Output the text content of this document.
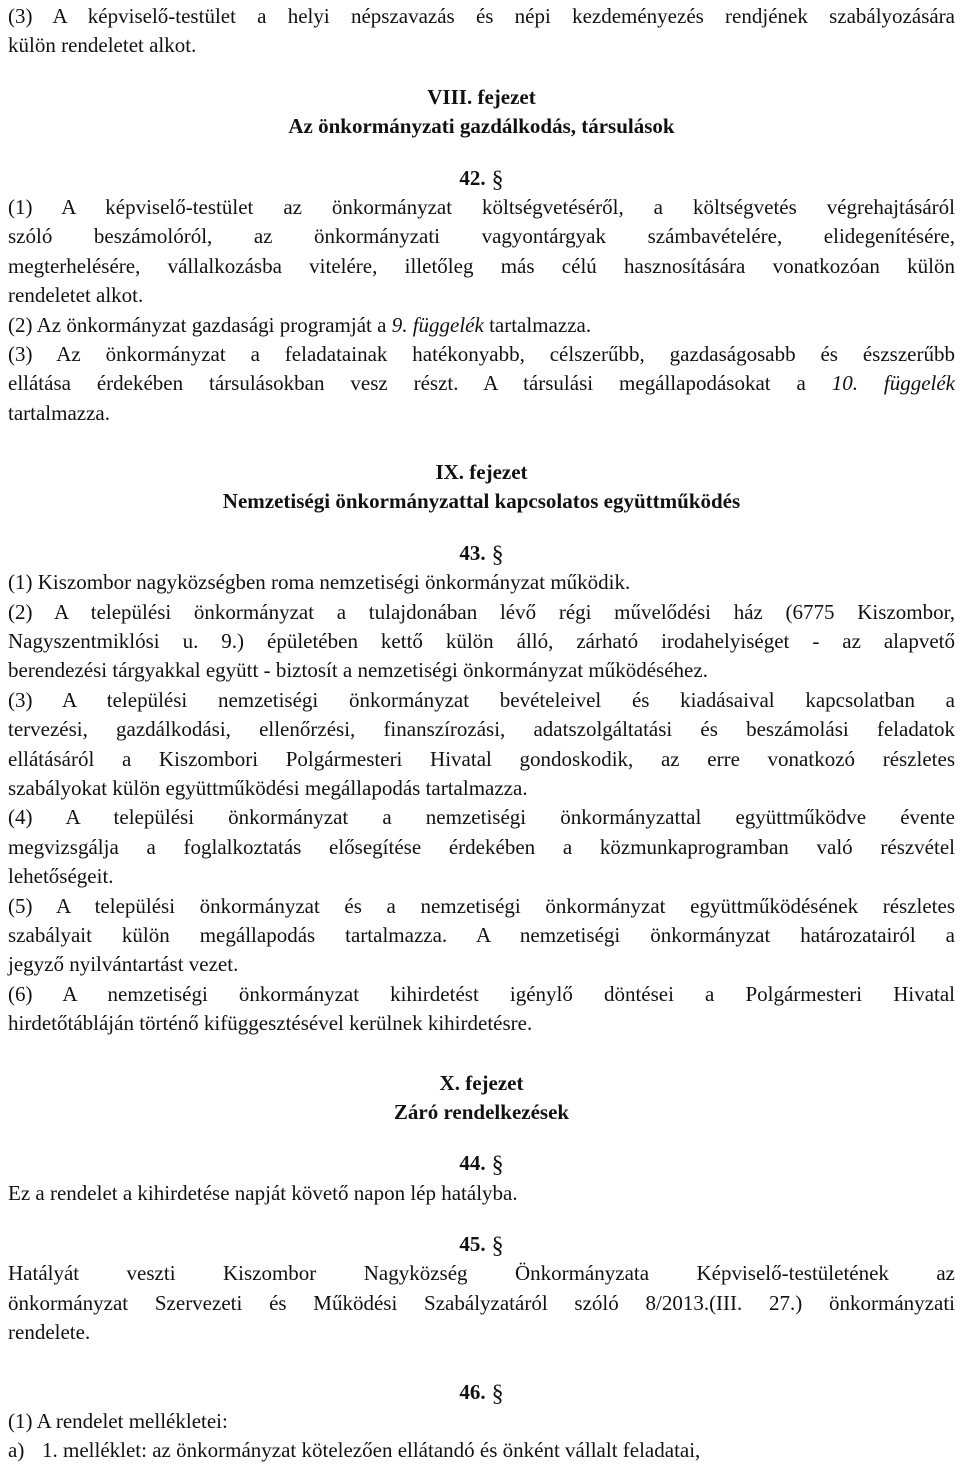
(3) A képviselő-testület a helyi népszavazás és népi kezdeményezés rendjének szabályozására
külön rendeletet alkot.
VIII. fejezet
Az önkormányzati gazdálkodás, társulások
42. §
(1) A képviselő-testület az önkormányzat költségvetéséről, a költségvetés végrehajtásáról
szóló beszámolóról, az önkormányzati vagyontárgyak számbavételére, elidegenítésére,
megterhelésére, vállalkozásba vitelére, illetőleg más célú hasznosítására vonatkozóan külön
rendeletet alkot.
(2) Az önkormányzat gazdasági programját a 9. függelék tartalmazza.
(3) Az önkormányzat a feladatainak hatékonyabb, célszerűbb, gazdaságosabb és észszerűbb
ellátása érdekében társulásokban vesz részt. A társulási megállapodásokat a 10. függelék
tartalmazza.
IX. fejezet
Nemzetiségi önkormányzattal kapcsolatos együttműködés
43. §
(1) Kiszombor nagyközségben roma nemzetiségi önkormányzat működik.
(2) A települési önkormányzat a tulajdonában lévő régi művelődési ház (6775 Kiszombor,
Nagyszentmiklósi u. 9.) épületében kettő külön álló, zárható irodahelyiséget - az alapvető
berendezési tárgyakkal együtt - biztosít a nemzetiségi önkormányzat működéséhez.
(3) A települési nemzetiségi önkormányzat bevételeivel és kiadásaival kapcsolatban a
tervezési, gazdálkodási, ellenőrzési, finanszírozási, adatszolgáltatási és beszámolási feladatok
ellátásáról a Kiszombori Polgármesteri Hivatal gondoskodik, az erre vonatkozó részletes
szabályokat külön együttműködési megállapodás tartalmazza.
(4) A települési önkormányzat a nemzetiségi önkormányzattal együttműködve évente
megvizsgálja a foglalkoztatás elősegítése érdekében a közmunkaprogramban való részvétel
lehetőségeit.
(5) A települési önkormányzat és a nemzetiségi önkormányzat együttműködésének részletes
szabályait külön megállapodás tartalmazza. A nemzetiségi önkormányzat határozatairól a
jegyző nyilvántartást vezet.
(6) A nemzetiségi önkormányzat kihirdetést igénylő döntései a Polgármesteri Hivatal
hirdetőtábláján történő kifüggesztésével kerülnek kihirdetésre.
X. fejezet
Záró rendelkezések
44. §
Ez a rendelet a kihirdetése napját követő napon lép hatályba.
45. §
Hatályát veszti Kiszombor Nagyközség Önkormányzata Képviselő-testületének az
önkormányzat Szervezeti és Működési Szabályzatáról szóló 8/2013.(III. 27.) önkormányzati
rendelete.
46. §
(1) A rendelet mellékletei:
a) 1. melléklet: az önkormányzat kötelezően ellátandó és önként vállalt feladatai,
